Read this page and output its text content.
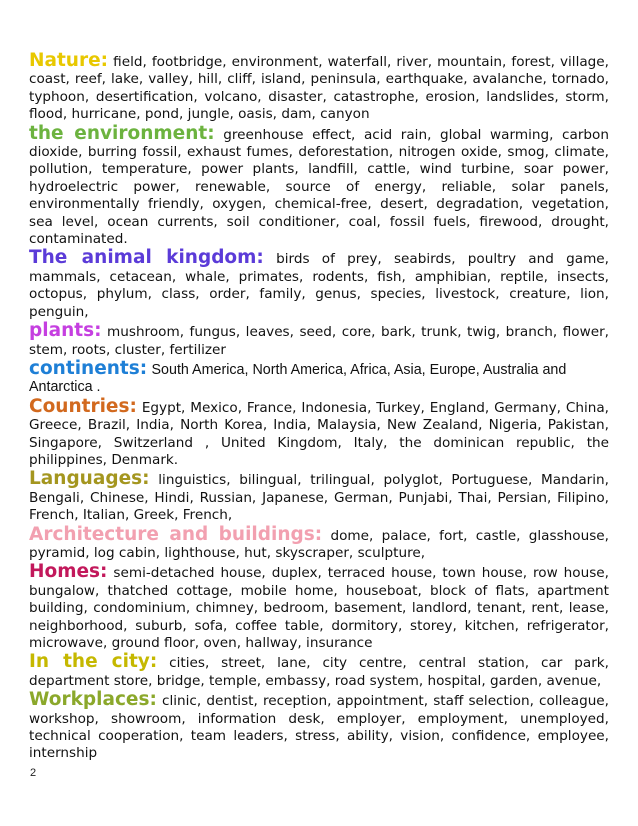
Nature: field, footbridge, environment, waterfall, river, mountain, forest, village, coast, reef, lake, valley, hill, cliff, island, peninsula, earthquake, avalanche, tornado, typhoon, desertification, volcano, disaster, catastrophe, erosion, landslides, storm, flood, hurricane, pond, jungle, oasis, dam, canyon

the environment: greenhouse effect, acid rain, global warming, carbon dioxide, burring fossil, exhaust fumes, deforestation, nitrogen oxide, smog, climate, pollution, temperature, power plants, landfill, cattle, wind turbine, soar power, hydroelectric power, renewable, source of energy, reliable, solar panels, environmentally friendly, oxygen, chemical-free, desert, degradation, vegetation, sea level, ocean currents, soil conditioner, coal, fossil fuels, firewood, drought, contaminated.

The animal kingdom: birds of prey, seabirds, poultry and game, mammals, cetacean, whale, primates, rodents, fish, amphibian, reptile, insects, octopus, phylum, class, order, family, genus, species, livestock, creature, lion, penguin,

plants: mushroom, fungus, leaves, seed, core, bark, trunk, twig, branch, flower, stem, roots, cluster, fertilizer

continents: South America, North America, Africa, Asia, Europe, Australia and Antarctica .

Countries: Egypt, Mexico, France, Indonesia, Turkey, England, Germany, China, Greece, Brazil, India, North Korea, India, Malaysia, New Zealand, Nigeria, Pakistan, Singapore, Switzerland , United Kingdom, Italy, the dominican republic, the philippines, Denmark.

Languages: linguistics, bilingual, trilingual, polyglot, Portuguese, Mandarin, Bengali, Chinese, Hindi, Russian, Japanese, German, Punjabi, Thai, Persian, Filipino, French, Italian, Greek, French,

Architecture and buildings: dome, palace, fort, castle, glasshouse, pyramid, log cabin, lighthouse, hut, skyscraper, sculpture,

Homes: semi-detached house, duplex, terraced house, town house, row house, bungalow, thatched cottage, mobile home, houseboat, block of flats, apartment building, condominium, chimney, bedroom, basement, landlord, tenant, rent, lease, neighborhood, suburb, sofa, coffee table, dormitory, storey, kitchen, refrigerator, microwave, ground floor, oven, hallway, insurance

In the city: cities, street, lane, city centre, central station, car park, department store, bridge, temple, embassy, road system, hospital, garden, avenue,

Workplaces: clinic, dentist, reception, appointment, staff selection, colleague, workshop, showroom, information desk, employer, employment, unemployed, technical cooperation, team leaders, stress, ability, vision, confidence, employee, internship

2
